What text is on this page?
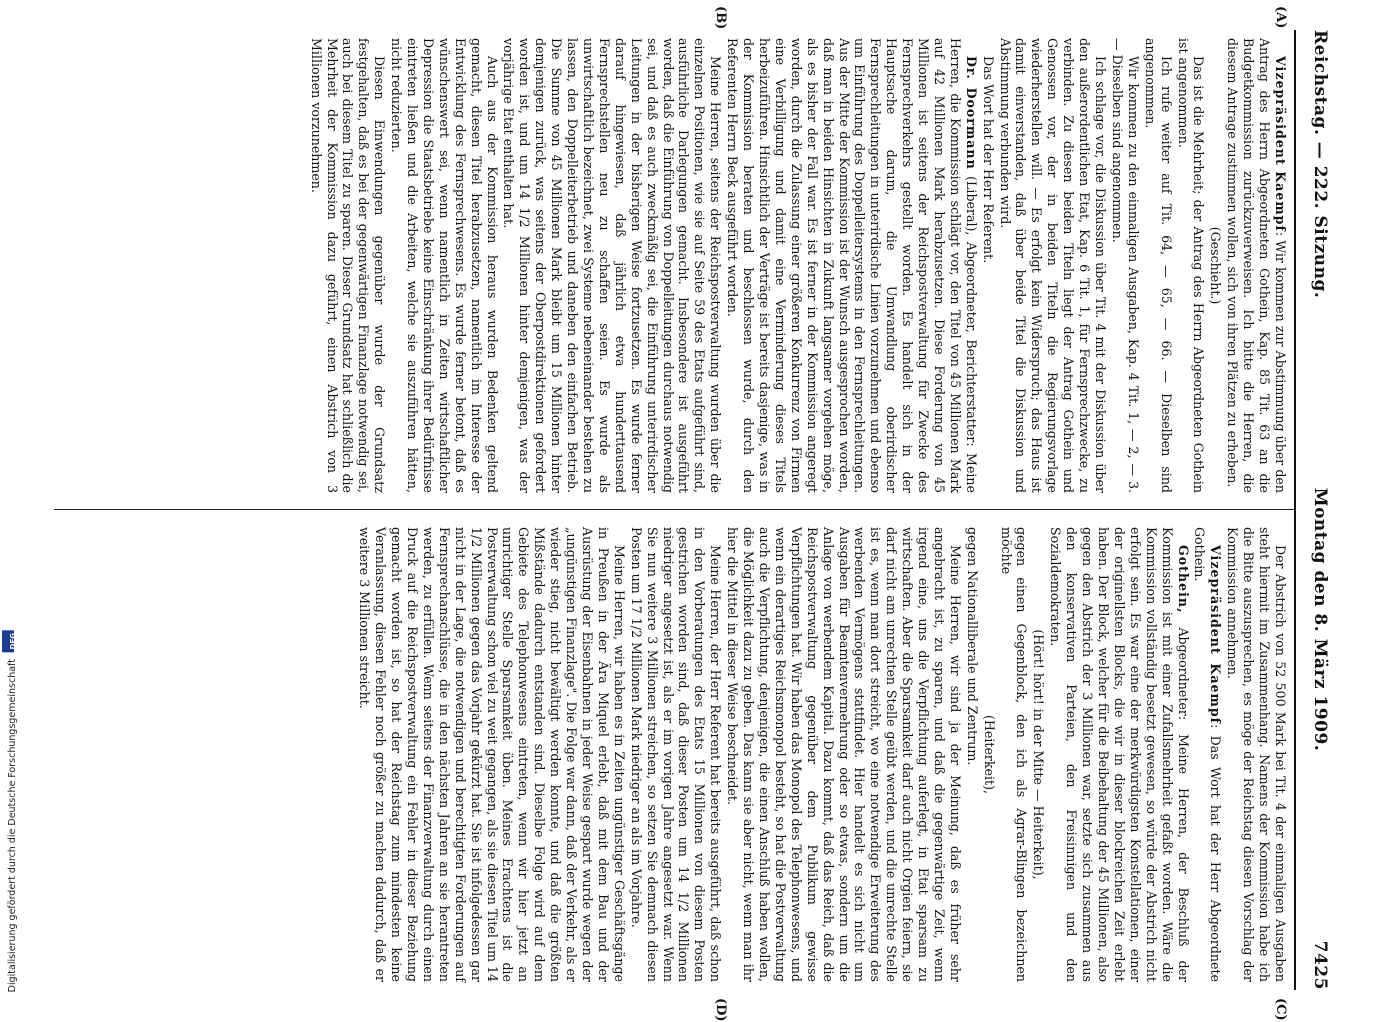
Reichstag. — 222. Sitzung.
Montag den 8. März 1909.
7425
(A)
(B)
(C)
(D)

Vizepräsident Kaempf: Wir kommen zur Abstimmung über den Antrag des Herrn Abgeordneten Gothein, Kap. 85 Tit. 63 an die Budgetkommission zurückzuverweisen. Ich bitte die Herren, die diesem Antrage zustimmen wollen, sich von ihren Plätzen zu erheben.

(Geschieht.)

Das ist die Mehrheit; der Antrag des Herrn Abgeordneten Gothein ist angenommen.

Ich rufe weiter auf Tit. 64, — 65, — 66. — Dieselben sind angenommen.

Wir kommen zu den einmaligen Ausgaben, Kap. 4 Tit. 1, — 2, — 3. — Dieselben sind angenommen.

Ich schlage vor, die Diskussion über Tit. 4 mit der Diskussion über den außerordentlichen Etat, Kap. 6 Tit. 1, für Fernsprechzwecke, zu verbinden. Zu diesen beiden Titeln liegt der Antrag Gothein und Genossen vor, der in beiden Titeln die Regierungsvorlage wiederherstellen will. — Es erfolgt kein Widerspruch; das Haus ist damit einverstanden, daß über beide Titel die Diskussion und Abstimmung verbunden wird.

Das Wort hat der Herr Referent.

Dr. Doormann (Liberal), Abgeordneter, Berichterstatter: Meine Herren, die Kommission schlägt vor, den Titel von 45 Millionen Mark auf 42 Millionen Mark herabzusetzen. Diese Forderung von 45 Millionen ist seitens der Reichspostverwaltung für Zwecke des Fernsprechverkehrs gestellt worden. Es handelt sich in der Hauptsache darum, die Umwandlung oberirdischer Fernsprechleitungen in unterirdische Linien vorzunehmen und ebenso um Einführung des Doppelleitersystems in den Fernsprechleitungen. Aus der Mitte der Kommission ist der Wunsch ausgesprochen worden, daß man in beiden Hinsichten in Zukunft langsamer vorgehen möge, als es bisher der Fall war. Es ist ferner in der Kommission angeregt worden, durch die Zulassung einer größeren Konkurrenz von Firmen eine Verbilligung und damit eine Verminderung dieses Titels herbeizuführen. Hinsichtlich der Verträge ist bereits dasjenige, was in der Kommission beraten und beschlossen wurde, durch den Referenten Herrn Beck ausgeführt worden.

Meine Herren, seitens der Reichspostverwaltung wurden über die einzelnen Positionen, wie sie auf Seite 59 des Etats aufgeführt sind, ausführliche Darlegungen gemacht. Insbesondere ist ausgeführt worden, daß die Einführung von Doppelleitungen durchaus notwendig sei, und daß es auch zweckmäßig sei, die Einführung unterirdischer Leitungen in der bisherigen Weise fortzusetzen. Es wurde ferner darauf hingewiesen, daß jährlich etwa hunderttausend Fernsprechstellen neu zu schaffen seien. Es wurde als unwirtschaftlich bezeichnet, zwei Systeme nebeneinander bestehen zu lassen, den Doppelleiterbetrieb und daneben den einfachen Betrieb. Die Summe von 45 Millionen Mark bleibt um 15 Millionen hinter demjenigen zurück, was seitens der Oberpostdirektionen gefordert worden ist, und um 14 1/2 Millionen hinter demjenigen, was der vorjährige Etat enthalten hat.

Auch aus der Kommission heraus wurden Bedenken geltend gemacht, diesen Titel herabzusetzen, namentlich im Interesse der Entwicklung des Fernsprechwesens. Es wurde ferner betont, daß es wünschenswert sei, wenn namentlich in Zeiten wirtschaftlicher Depression die Staatsbetriebe keine Einschränkung ihrer Bedürfnisse eintreten ließen und die Arbeiten, welche sie auszuführen hätten, nicht reduzierten.

Diesen Einwendungen gegenüber wurde der Grundsatz festgehalten, daß es bei der gegenwärtigen Finanzlage notwendig sei, auch bei diesem Titel zu sparen. Dieser Grundsatz hat schließlich die Mehrheit der Kommission dazu geführt, einen Abstrich von 3 Millionen vorzunehmen.

Der Abstrich von 52 500 Mark bei Tit. 4 der einmaligen Ausgaben steht hiermit im Zusammenhang. Namens der Kommission habe ich die Bitte auszusprechen, es möge der Reichstag diesen Vorschlag der Kommission annehmen.

Vizepräsident Kaempf: Das Wort hat der Herr Abgeordnete Gothein.

Gothein, Abgeordneter: Meine Herren, der Beschluß der Kommission ist mit einer Zufallsmehrheit gefaßt worden. Wäre die Kommission vollständig besetzt gewesen, so würde der Abstrich nicht erfolgt sein. Es war eine der merkwürdigsten Konstellationen, einer der originellsten Blocks, die wir in dieser blockreichen Zeit erlebt haben. Der Block, welcher für die Beibehaltung der 45 Millionen, also gegen den Abstrich der 3 Millionen war, setzte sich zusammen aus den konservativen Parteien, den Freisinnigen und den Sozialdemokraten.

(Hört! hört! in der Mitte — Heiterkeit),

gegen einen Gegenblock, den ich als Agrar-Blingen bezeichnen möchte

(Heiterkeit),

gegen Nationalliberale und Zentrum.

Meine Herren, wir sind ja der Meinung, daß es früher sehr angebracht ist, zu sparen, und daß die gegenwärtige Zeit, wenn irgend eine, uns die Verpflichtung auferlegt, in Etat sparsam zu wirtschaften. Aber die Sparsamkeit darf auch nicht Orgien feiern, sie darf nicht am unrechten Stelle geübt werden, und die unrechte Stelle ist es, wenn man dort streicht, wo eine notwendige Erweiterung des werbenden Vermögens stattfindet. Hier handelt es sich nicht um Ausgaben für Beamtenvermehrung oder so etwas, sondern um die Anlage von werbendem Kapital. Dazu kommt, daß das Reich, daß die Reichspostverwaltung gegenüber dem Publikum gewisse Verpflichtungen hat. Wir haben das Monopol des Telephonwesens, und wenn ein derartiges Reichsmonopol besteht, so hat die Postverwaltung auch die Verpflichtung, denjenigen, die einen Anschluß haben wollen, die Möglichkeit dazu zu geben. Das kann sie aber nicht, wenn man ihr hier die Mittel in dieser Weise beschneidet.

Meine Herren, der Herr Referent hat bereits ausgeführt, daß schon in den Vorberatungen des Etats 15 Millionen von diesem Posten gestrichen worden sind, daß dieser Posten um 14 1/2 Millionen niedriger angesetzt ist, als er im vorigen Jahre angesetzt war. Wenn Sie nun weitere 3 Millionen streichen, so setzen Sie demnach diesen Posten um 17 1/2 Millionen Mark niedriger an als im Vorjahre.

Meine Herren, wir haben es in Zeiten ungünstiger Geschäftsgänge in Preußen in der Ära Miquel erlebt, daß mit dem Bau und der Ausrüstung der Eisenbahnen in jeder Weise gespart wurde wegen der „ungünstigen Finanzlage". Die Folge war dann, daß der Verkehr, als er wieder stieg, nicht bewältigt werden konnte, und daß die größten Mißstände dadurch entstanden sind. Dieselbe Folge wird auf dem Gebiete des Telephonwesens eintreten, wenn wir hier jetzt an unrichtiger Stelle Sparsamkeit üben. Meines Erachtens ist die Postverwaltung schon viel zu weit gegangen, als sie diesen Titel um 14 1/2 Millionen gegen das Vorjahr gekürzt hat. Sie ist infolgedessen gar nicht in der Lage, die notwendigen und berechtigten Forderungen auf Fernsprechanschlüsse, die in den nächsten Jahren an sie herantreten werden, zu erfüllen. Wenn seitens der Finanzverwaltung durch einen Druck auf die Reichspostverwaltung ein Fehler in dieser Beziehung gemacht worden ist, so hat der Reichstag zum mindesten keine Veranlassung, diesen Fehler noch größer zu machen dadurch, daß er weitere 3 Millionen streicht.

Digitalisierung gefördert durch die Deutsche Forschungsgemeinschaft DFG
